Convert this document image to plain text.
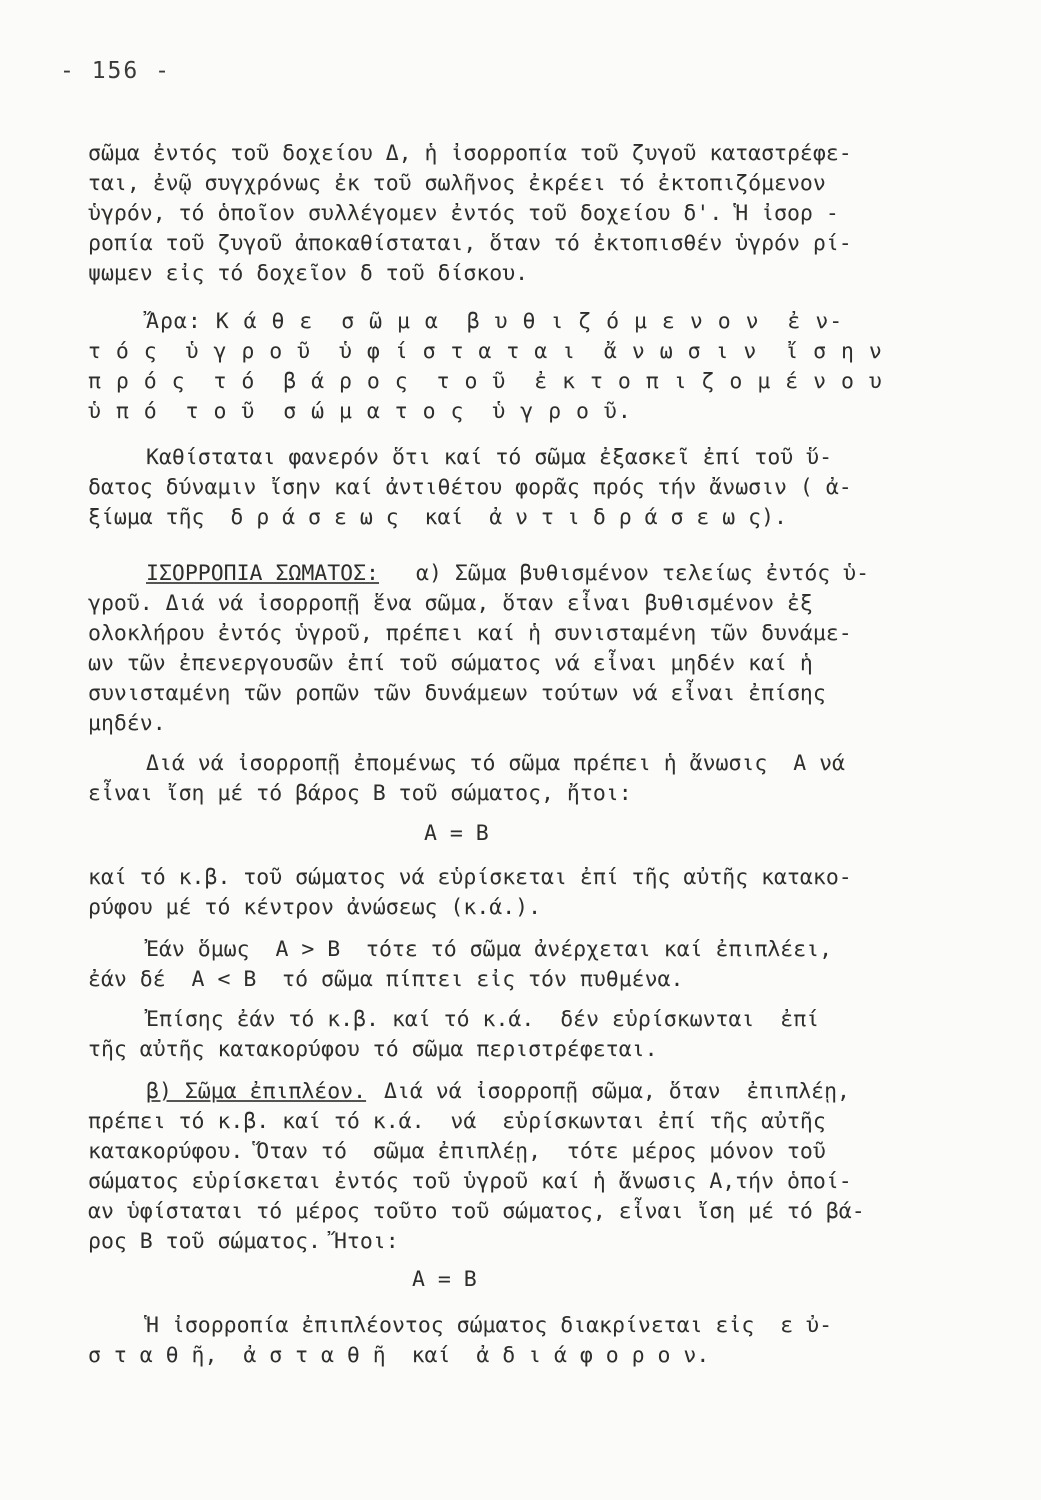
- 156 -
σῶμα ἐντός τοῦ δοχείου Δ, ἡ ἰσορροπία τοῦ ζυγοῦ καταστρέφε-
ται, ἐνῷ συγχρόνως ἐκ τοῦ σωλῆνος ἐκρέει τό ἐκτοπιζόμενον
ὑγρόν, τό ὁποῖον συλλέγομεν ἐντός τοῦ δοχείου δ'. Ἡ ἰσορ -
ροπία τοῦ ζυγοῦ ἀποκαθίσταται, ὅταν τό ἐκτοπισθέν ὑγρόν ρί-
ψωμεν εἰς τό δοχεῖον δ τοῦ δίσκου.
Ἄρα: Κ ά θ ε  σ ῶ μ α  β υ θ ι ζ ό μ ε ν ο ν  ἐ ν-
τ ό ς  ὑ γ ρ ο ῦ  ὑ φ ί σ τ α τ α ι  ἄ ν ω σ ι ν  ἴ σ η ν
π ρ ό ς  τ ό  β ά ρ ο ς  τ ο ῦ  ἐ κ τ ο π ι ζ ο μ έ ν ο υ
ὑ π ό  τ ο ῦ  σ ώ μ α τ ο ς  ὑ γ ρ ο ῦ.
Καθίσταται φανερόν ὅτι καί τό σῶμα ἐξασκεῖ ἐπί τοῦ ὕ-
δατος δύναμιν ἴσην καί ἀντιθέτου φορᾶς πρός τήν ἄνωσιν ( ἀ-
ξίωμα τῆς  δ ρ ά σ ε ω ς  καί  ἀ ν τ ι δ ρ ά σ ε ω ς).
ΙΣΟΡΡΟΠΙΑ ΣΩΜΑΤΟΣ: α) Σῶμα βυθισμένον τελείως ἐντός ὑ-
γροῦ. Διά νά ἰσορροπῇ ἕνα σῶμα, ὅταν εἶναι βυθισμένον ἐξ
ολοκλήρου ἐντός ὑγροῦ, πρέπει καί ἡ συνισταμένη τῶν δυνάμε-
ων τῶν ἐπενεργουσῶν ἐπί τοῦ σώματος νά εἶναι μηδέν καί ἡ
συνισταμένη τῶν ροπῶν τῶν δυνάμεων τούτων νά εἶναι ἐπίσης
μηδέν.
Διά νά ἰσορροπῇ ἐπομένως τό σῶμα πρέπει ἡ ἄνωσις  Α νά
εἶναι ἴση μέ τό βάρος Β τοῦ σώματος, ἤτοι:
Α = Β
καί τό κ.β. τοῦ σώματος νά εὑρίσκεται ἐπί τῆς αὐτῆς κατακο-
ρύφου μέ τό κέντρον ἀνώσεως (κ.ά.).
Ἐάν ὅμως  Α > Β  τότε τό σῶμα ἀνέρχεται καί ἐπιπλέει,
ἐάν δέ  Α < Β  τό σῶμα πίπτει εἰς τόν πυθμένα.
Ἐπίσης ἐάν τό κ.β. καί τό κ.ά.  δέν εὑρίσκωνται  ἐπί
τῆς αὐτῆς κατακορύφου τό σῶμα περιστρέφεται.
β) Σῶμα ἐπιπλέον. Διά νά ἰσορροπῇ σῶμα, ὅταν  ἐπιπλέῃ,
πρέπει τό κ.β. καί τό κ.ά.  νά  εὑρίσκωνται ἐπί τῆς αὐτῆς
κατακορύφου. Ὅταν τό  σῶμα ἐπιπλέῃ,  τότε μέρος μόνον τοῦ
σώματος εὑρίσκεται ἐντός τοῦ ὑγροῦ καί ἡ ἄνωσις Α,τήν ὁποί-
αν ὑφίσταται τό μέρος τοῦτο τοῦ σώματος, εἶναι ἴση μέ τό βά-
ρος Β τοῦ σώματος. Ἤτοι:
Α = Β
Ἡ ἰσορροπία ἐπιπλέοντος σώματος διακρίνεται εἰς  ε ὐ-
σ τ α θ ῆ,  ἀ σ τ α θ ῆ  καί  ἀ δ ι ά φ ο ρ ο ν.
